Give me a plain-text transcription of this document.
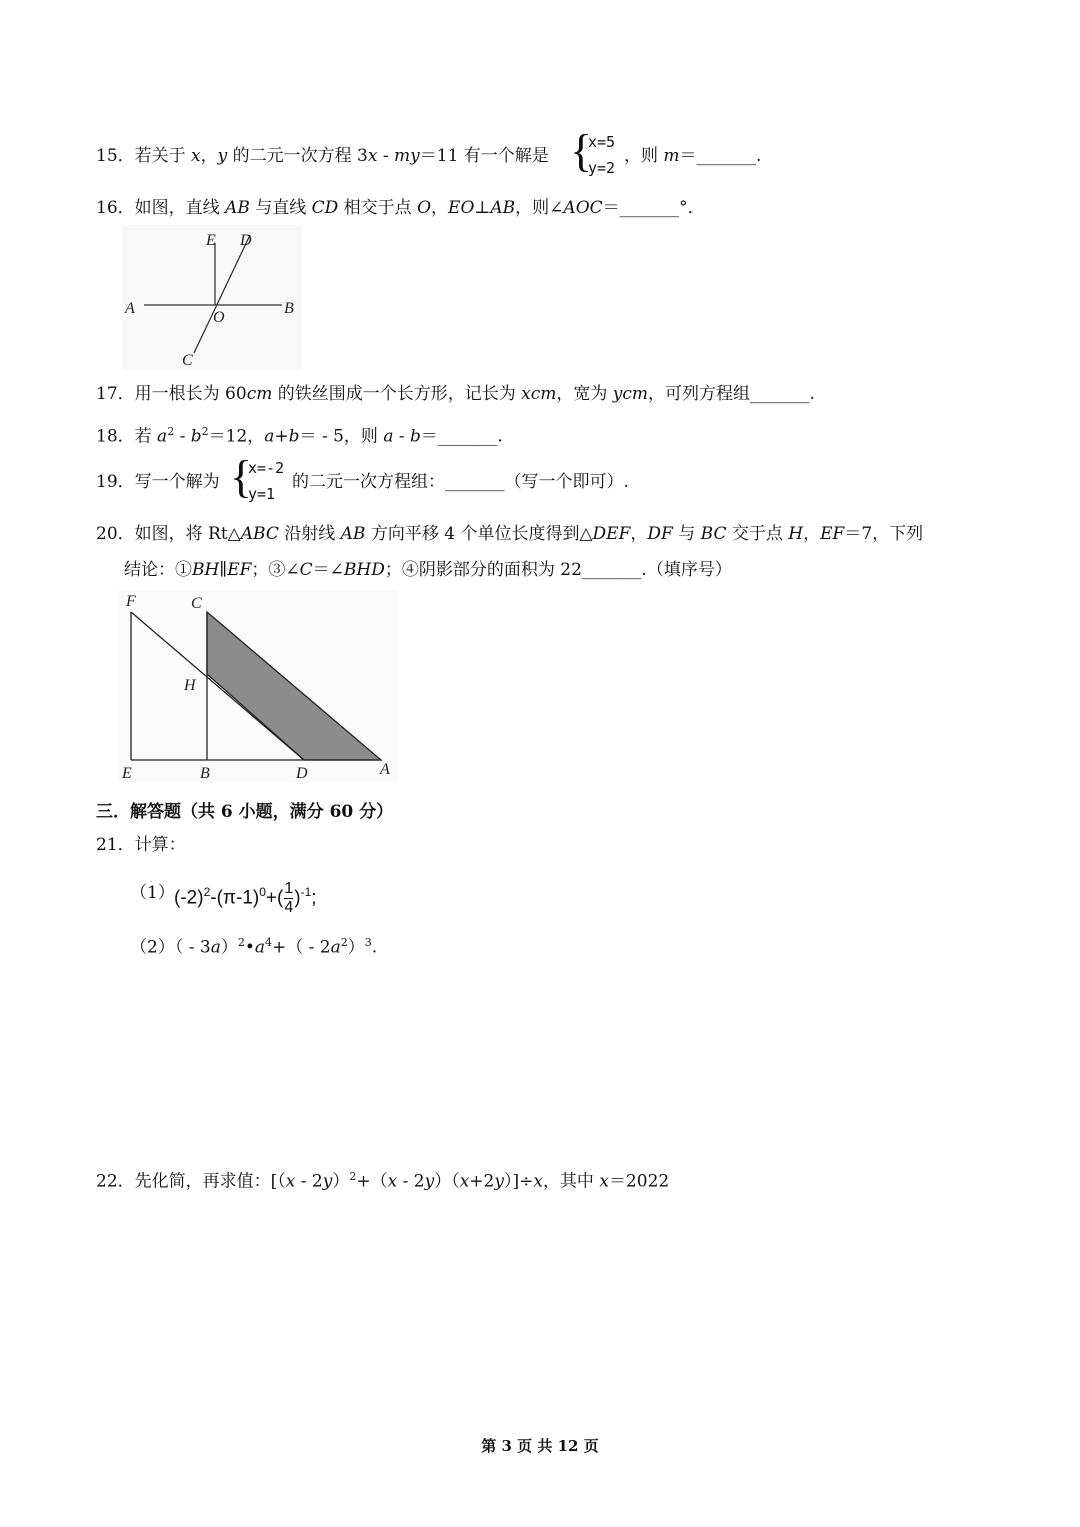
15．若关于 x，y 的二元一次方程 3x - my＝11 有一个解是 {
x=5
y=2
，则 m＝_______.
16．如图，直线 AB 与直线 CD 相交于点 O，EO⊥AB，则∠AOC＝_______°．
E D
A	B
O
C
17．用一根长为 60cm 的铁丝围成一个长方形，记长为 xcm，宽为 ycm，可列方程组_______.
18．若 $a^2 - b^2=12$，a+b＝ - 5，则 a - b＝_______.
19．写一个解为 {
x=-2
y=1
的二元一次方程组：_______（写一个即可）.
20．如图，将 Rt△ABC 沿射线 AB 方向平移 4 个单位长度得到△DEF，DF 与 BC 交于点 H，EF＝7，下列
结论：①BH∥EF；③∠C＝∠BHD；④阴影部分的面积为 22_______.（填序号）
F	C
H
E	B	D	A
三．解答题（共 6 小题，满分 60 分）
21．计算：
（1） $(-2)^2-(\pi-1)^0+( \frac{1}{4} )^{-1}$;
$(2)( - 3a)^2•a^4+( - 2a^2)^3$.
22．先化简，再求值：[（x - 2y）$^2$+（x - 2y）（x+2y）]÷x，其中 x＝2022
第 3 页 共 12 页
